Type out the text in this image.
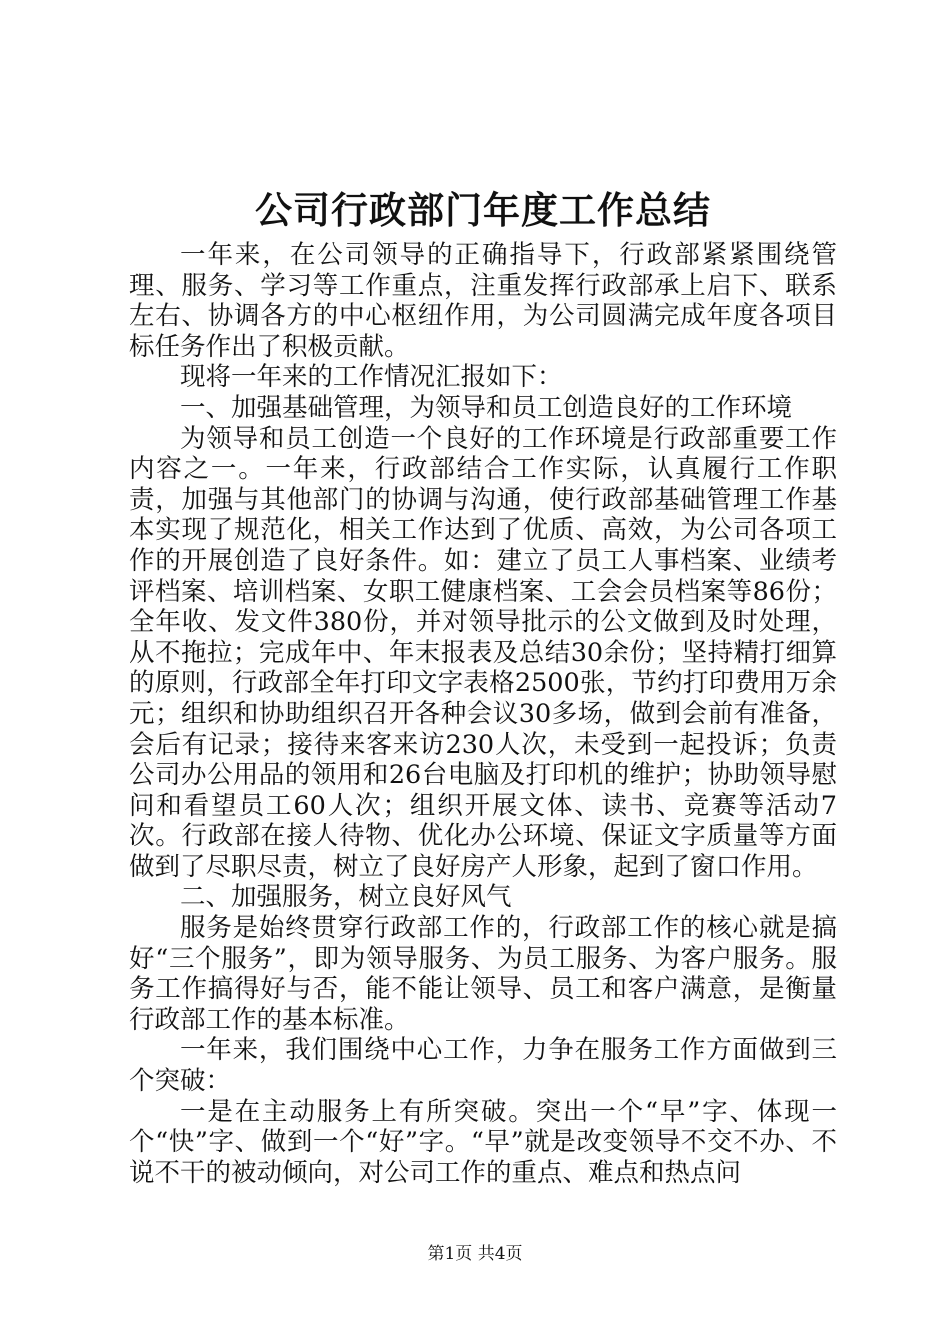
公司行政部门年度工作总结

一年来，在公司领导的正确指导下，行政部紧紧围绕管理、服务、学习等工作重点，注重发挥行政部承上启下、联系左右、协调各方的中心枢纽作用，为公司圆满完成年度各项目标任务作出了积极贡献。

现将一年来的工作情况汇报如下：

一、加强基础管理，为领导和员工创造良好的工作环境

为领导和员工创造一个良好的工作环境是行政部重要工作内容之一。一年来，行政部结合工作实际，认真履行工作职责，加强与其他部门的协调与沟通，使行政部基础管理工作基本实现了规范化，相关工作达到了优质、高效，为公司各项工作的开展创造了良好条件。如：建立了员工人事档案、业绩考评档案、培训档案、女职工健康档案、工会会员档案等86份；全年收、发文件380份，并对领导批示的公文做到及时处理，从不拖拉；完成年中、年末报表及总结30余份；坚持精打细算的原则，行政部全年打印文字表格2500张，节约打印费用万余元；组织和协助组织召开各种会议30多场，做到会前有准备，会后有记录；接待来客来访230人次，未受到一起投诉；负责公司办公用品的领用和26台电脑及打印机的维护；协助领导慰问和看望员工60人次；组织开展文体、读书、竞赛等活动7次。行政部在接人待物、优化办公环境、保证文字质量等方面做到了尽职尽责，树立了良好房产人形象，起到了窗口作用。

二、加强服务，树立良好风气

服务是始终贯穿行政部工作的，行政部工作的核心就是搞好“三个服务”，即为领导服务、为员工服务、为客户服务。服务工作搞得好与否，能不能让领导、员工和客户满意，是衡量行政部工作的基本标准。

一年来，我们围绕中心工作，力争在服务工作方面做到三个突破：

一是在主动服务上有所突破。突出一个“早”字、体现一个“快”字、做到一个“好”字。“早”就是改变领导不交不办、不说不干的被动倾向，对公司工作的重点、难点和热点问

第1页 共4页
